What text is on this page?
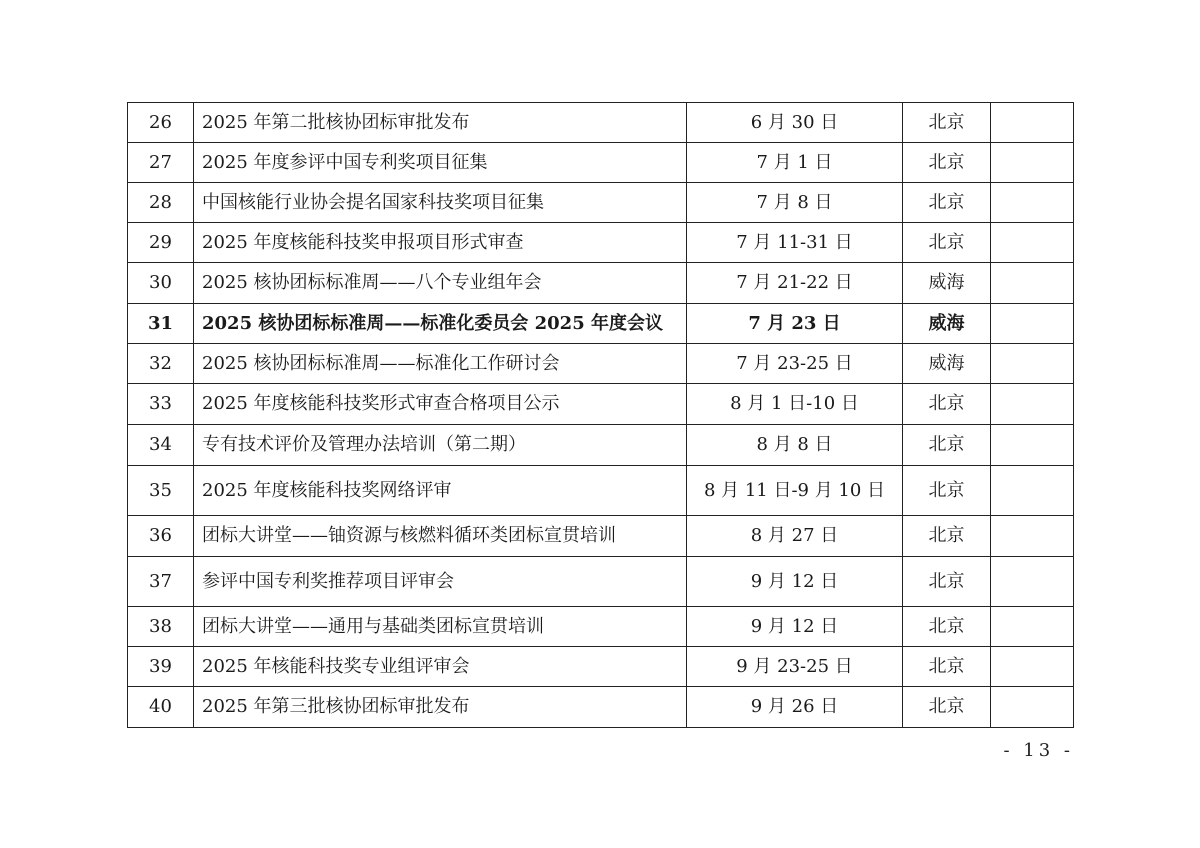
26	2025 年第二批核协团标审批发布	6 月 30 日	北京	
27	2025 年度参评中国专利奖项目征集	7 月 1 日	北京	
28	中国核能行业协会提名国家科技奖项目征集	7 月 8 日	北京	
29	2025 年度核能科技奖申报项目形式审查	7 月 11-31 日	北京	
30	2025 核协团标标准周——八个专业组年会	7 月 21-22 日	威海	
31	2025 核协团标标准周——标准化委员会 2025 年度会议	7 月 23 日	威海	
32	2025 核协团标标准周——标准化工作研讨会	7 月 23-25 日	威海	
33	2025 年度核能科技奖形式审查合格项目公示	8 月 1 日-10 日	北京	
34	专有技术评价及管理办法培训（第二期）	8 月 8 日	北京	
35	2025 年度核能科技奖网络评审	8 月 11 日-9 月 10 日	北京	
36	团标大讲堂——铀资源与核燃料循环类团标宣贯培训	8 月 27 日	北京	
37	参评中国专利奖推荐项目评审会	9 月 12 日	北京	
38	团标大讲堂——通用与基础类团标宣贯培训	9 月 12 日	北京	
39	2025 年核能科技奖专业组评审会	9 月 23-25 日	北京	
40	2025 年第三批核协团标审批发布	9 月 26 日	北京	
- 13 -
